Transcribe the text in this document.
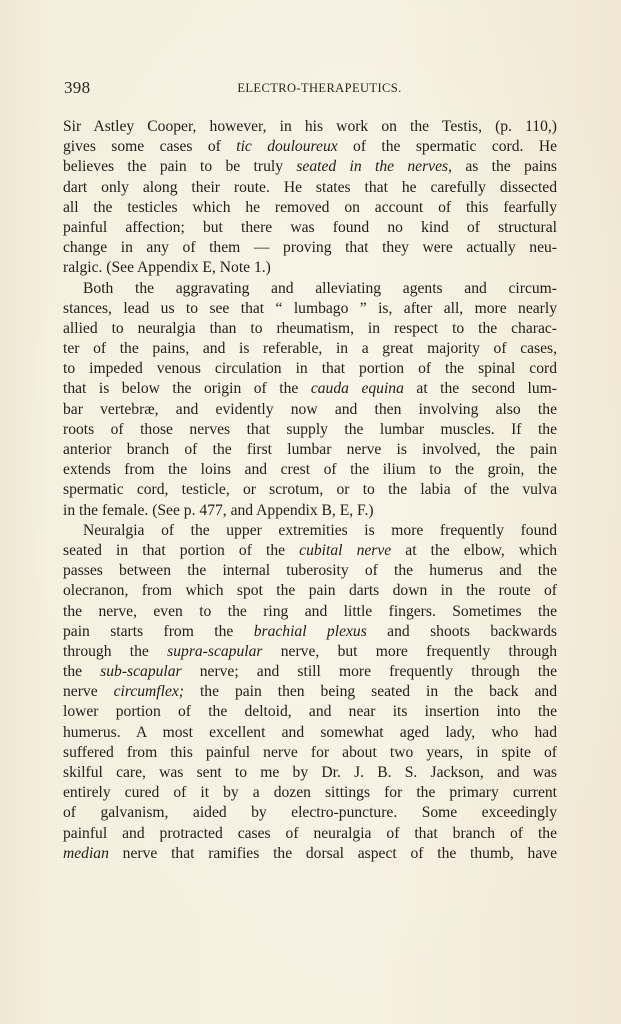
398	ELECTRO-THERAPEUTICS.
Sir Astley Cooper, however, in his work on the Testis, (p. 110,)
gives some cases of tic douloureux of the spermatic cord. He
believes the pain to be truly seated in the nerves, as the pains
dart only along their route. He states that he carefully dissected
all the testicles which he removed on account of this fearfully
painful affection; but there was found no kind of structural
change in any of them — proving that they were actually neu-
ralgic. (See Appendix E, Note 1.)
Both the aggravating and alleviating agents and circum-
stances, lead us to see that “ lumbago ” is, after all, more nearly
allied to neuralgia than to rheumatism, in respect to the charac-
ter of the pains, and is referable, in a great majority of cases,
to impeded venous circulation in that portion of the spinal cord
that is below the origin of the cauda equina at the second lum-
bar vertebræ, and evidently now and then involving also the
roots of those nerves that supply the lumbar muscles. If the
anterior branch of the first lumbar nerve is involved, the pain
extends from the loins and crest of the ilium to the groin, the
spermatic cord, testicle, or scrotum, or to the labia of the vulva
in the female. (See p. 477, and Appendix B, E, F.)
Neuralgia of the upper extremities is more frequently found
seated in that portion of the cubital nerve at the elbow, which
passes between the internal tuberosity of the humerus and the
olecranon, from which spot the pain darts down in the route of
the nerve, even to the ring and little fingers. Sometimes the
pain starts from the brachial plexus and shoots backwards
through the supra-scapular nerve, but more frequently through
the sub-scapular nerve; and still more frequently through the
nerve circumflex; the pain then being seated in the back and
lower portion of the deltoid, and near its insertion into the
humerus. A most excellent and somewhat aged lady, who had
suffered from this painful nerve for about two years, in spite of
skilful care, was sent to me by Dr. J. B. S. Jackson, and was
entirely cured of it by a dozen sittings for the primary current
of galvanism, aided by electro-puncture. Some exceedingly
painful and protracted cases of neuralgia of that branch of the
median nerve that ramifies the dorsal aspect of the thumb, have
